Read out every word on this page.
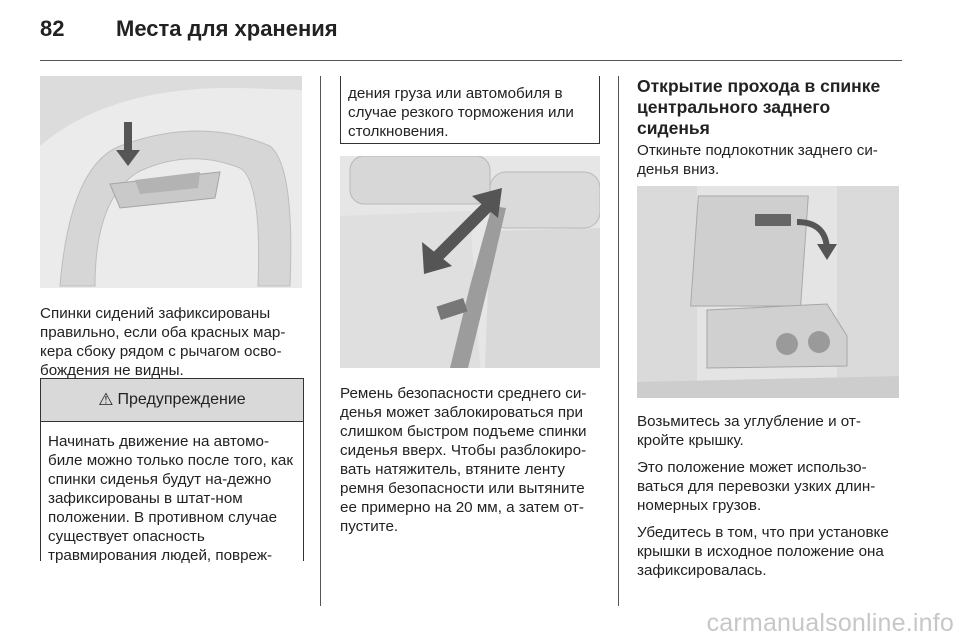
82 Места для хранения

Спинки сидений зафиксированы правильно, если оба красных мар-кера сбоку рядом с рычагом осво-бождения не видны.

⚠ Предупреждение
Начинать движение на автомо-биле можно только после того, как спинки сиденья будут на-дежно зафиксированы в штат-ном положении. В противном случае существует опасность травмирования людей, повреж-
дения груза или автомобиля в случае резкого торможения или столкновения.

Ремень безопасности среднего си-денья может заблокироваться при слишком быстром подъеме спинки сиденья вверх. Чтобы разблокиро-вать натяжитель, втяните ленту ремня безопасности или вытяните ее примерно на 20 мм, а затем от-пустите.

Открытие прохода в спинке центрального заднего сиденья

Откиньте подлокотник заднего си-денья вниз.

Возьмитесь за углубление и от-кройте крышку.

Это положение может использо-ваться для перевозки узких длин-номерных грузов.

Убедитесь в том, что при установке крышки в исходное положение она зафиксировалась.

carmanualsonline.info
